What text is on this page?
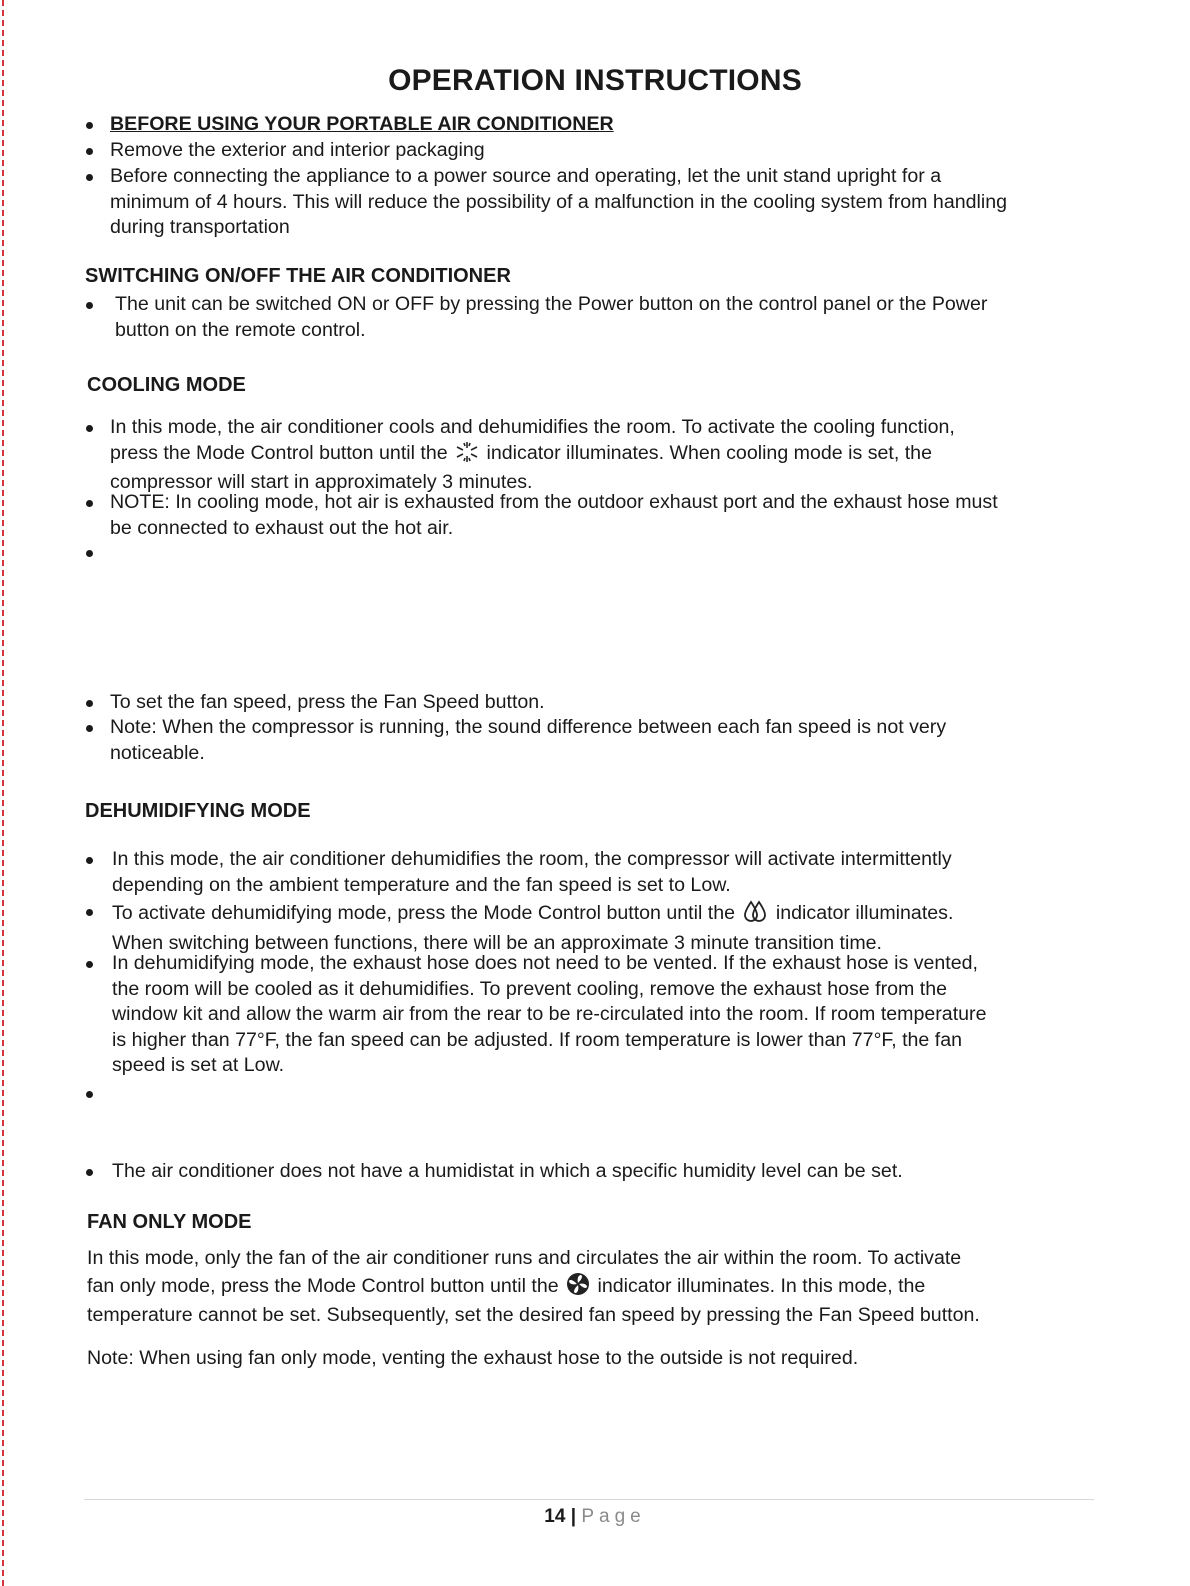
OPERATION INSTRUCTIONS
BEFORE USING YOUR PORTABLE AIR CONDITIONER
Remove the exterior and interior packaging
Before connecting the appliance to a power source and operating, let the unit stand upright for a
minimum of 4 hours. This will reduce the possibility of a malfunction in the cooling system from handling
during transportation
SWITCHING ON/OFF THE AIR CONDITIONER
The unit can be switched ON or OFF by pressing the Power button on the control panel or the Power
button on the remote control.
COOLING MODE
In this mode, the air conditioner cools and dehumidifies the room. To activate the cooling function,
press the Mode Control button until the  indicator illuminates. When cooling mode is set, the
compressor will start in approximately 3 minutes.
NOTE: In cooling mode, hot air is exhausted from the outdoor exhaust port and the exhaust hose must
be connected to exhaust out the hot air.

To set the fan speed, press the Fan Speed button.
Note: When the compressor is running, the sound difference between each fan speed is not very
noticeable.
DEHUMIDIFYING MODE
In this mode, the air conditioner dehumidifies the room, the compressor will activate intermittently
depending on the ambient temperature and the fan speed is set to Low.
To activate dehumidifying mode, press the Mode Control button until the  indicator illuminates.
When switching between functions, there will be an approximate 3 minute transition time.
In dehumidifying mode, the exhaust hose does not need to be vented. If the exhaust hose is vented,
the room will be cooled as it dehumidifies. To prevent cooling, remove the exhaust hose from the
window kit and allow the warm air from the rear to be re-circulated into the room. If room temperature
is higher than 77°F, the fan speed can be adjusted. If room temperature is lower than 77°F, the fan
speed is set at Low.

The air conditioner does not have a humidistat in which a specific humidity level can be set.
FAN ONLY MODE
In this mode, only the fan of the air conditioner runs and circulates the air within the room. To activate
fan only mode, press the Mode Control button until the  indicator illuminates. In this mode, the
temperature cannot be set. Subsequently, set the desired fan speed by pressing the Fan Speed button.
Note: When using fan only mode, venting the exhaust hose to the outside is not required.
14 | Page
